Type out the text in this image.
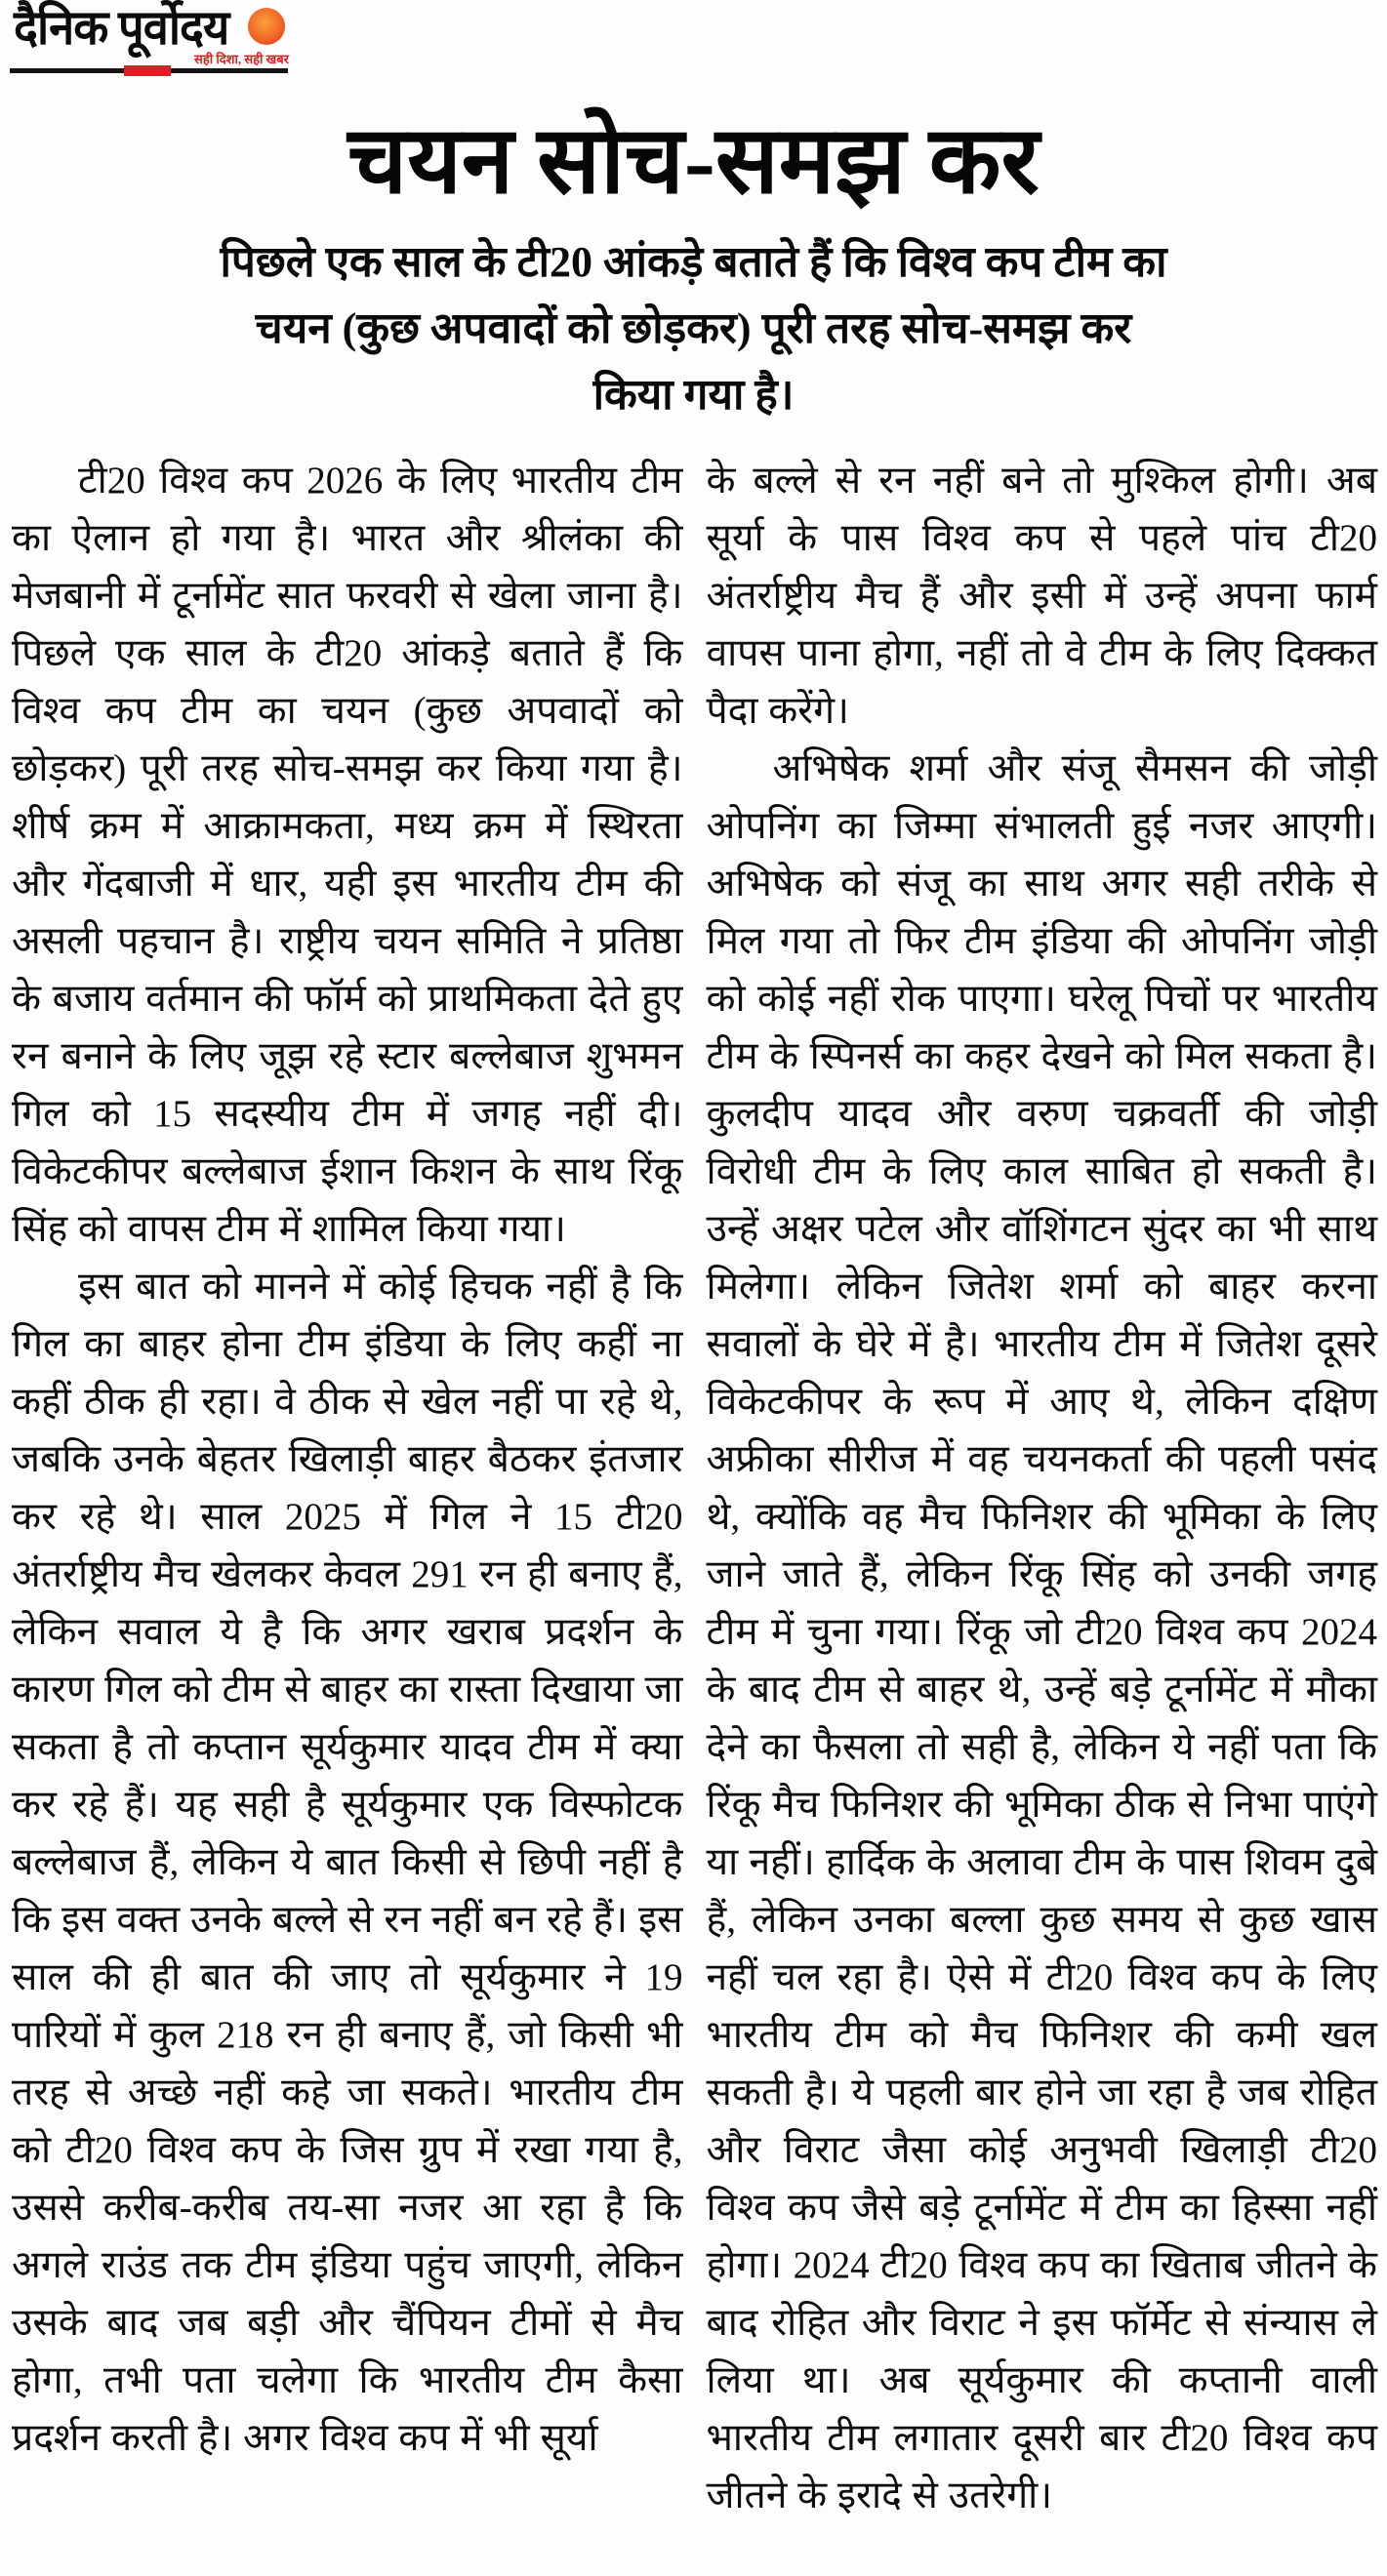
दैनिक पूर्वोदय
सही दिशा, सही खबर
चयन सोच-समझ कर
पिछले एक साल के टी20 आंकड़े बताते हैं कि विश्व कप टीम का
चयन (कुछ अपवादों को छोड़कर) पूरी तरह सोच-समझ कर
किया गया है।

टी20 विश्व कप 2026 के लिए भारतीय टीम का ऐलान हो गया है। भारत और श्रीलंका की मेजबानी में टूर्नामेंट सात फरवरी से खेला जाना है। पिछले एक साल के टी20 आंकड़े बताते हैं कि विश्व कप टीम का चयन (कुछ अपवादों को छोड़कर) पूरी तरह सोच-समझ कर किया गया है। शीर्ष क्रम में आक्रामकता, मध्य क्रम में स्थिरता और गेंदबाजी में धार, यही इस भारतीय टीम की असली पहचान है। राष्ट्रीय चयन समिति ने प्रतिष्ठा के बजाय वर्तमान की फॉर्म को प्राथमिकता देते हुए रन बनाने के लिए जूझ रहे स्टार बल्लेबाज शुभमन गिल को 15 सदस्यीय टीम में जगह नहीं दी। विकेटकीपर बल्लेबाज ईशान किशन के साथ रिंकू सिंह को वापस टीम में शामिल किया गया।

इस बात को मानने में कोई हिचक नहीं है कि गिल का बाहर होना टीम इंडिया के लिए कहीं ना कहीं ठीक ही रहा। वे ठीक से खेल नहीं पा रहे थे, जबकि उनके बेहतर खिलाड़ी बाहर बैठकर इंतजार कर रहे थे। साल 2025 में गिल ने 15 टी20 अंतर्राष्ट्रीय मैच खेलकर केवल 291 रन ही बनाए हैं, लेकिन सवाल ये है कि अगर खराब प्रदर्शन के कारण गिल को टीम से बाहर का रास्ता दिखाया जा सकता है तो कप्तान सूर्यकुमार यादव टीम में क्या कर रहे हैं। यह सही है सूर्यकुमार एक विस्फोटक बल्लेबाज हैं, लेकिन ये बात किसी से छिपी नहीं है कि इस वक्त उनके बल्ले से रन नहीं बन रहे हैं। इस साल की ही बात की जाए तो सूर्यकुमार ने 19 पारियों में कुल 218 रन ही बनाए हैं, जो किसी भी तरह से अच्छे नहीं कहे जा सकते। भारतीय टीम को टी20 विश्व कप के जिस ग्रुप में रखा गया है, उससे करीब-करीब तय-सा नजर आ रहा है कि अगले राउंड तक टीम इंडिया पहुंच जाएगी, लेकिन उसके बाद जब बड़ी और चैंपियन टीमों से मैच होगा, तभी पता चलेगा कि भारतीय टीम कैसा प्रदर्शन करती है। अगर विश्व कप में भी सूर्या

के बल्ले से रन नहीं बने तो मुश्किल होगी। अब सूर्या के पास विश्व कप से पहले पांच टी20 अंतर्राष्ट्रीय मैच हैं और इसी में उन्हें अपना फार्म वापस पाना होगा, नहीं तो वे टीम के लिए दिक्कत पैदा करेंगे।

अभिषेक शर्मा और संजू सैमसन की जोड़ी ओपनिंग का जिम्मा संभालती हुई नजर आएगी। अभिषेक को संजू का साथ अगर सही तरीके से मिल गया तो फिर टीम इंडिया की ओपनिंग जोड़ी को कोई नहीं रोक पाएगा। घरेलू पिचों पर भारतीय टीम के स्पिनर्स का कहर देखने को मिल सकता है। कुलदीप यादव और वरुण चक्रवर्ती की जोड़ी विरोधी टीम के लिए काल साबित हो सकती है। उन्हें अक्षर पटेल और वॉशिंगटन सुंदर का भी साथ मिलेगा। लेकिन जितेश शर्मा को बाहर करना सवालों के घेरे में है। भारतीय टीम में जितेश दूसरे विकेटकीपर के रूप में आए थे, लेकिन दक्षिण अफ्रीका सीरीज में वह चयनकर्ता की पहली पसंद थे, क्योंकि वह मैच फिनिशर की भूमिका के लिए जाने जाते हैं, लेकिन रिंकू सिंह को उनकी जगह टीम में चुना गया। रिंकू जो टी20 विश्व कप 2024 के बाद टीम से बाहर थे, उन्हें बड़े टूर्नामेंट में मौका देने का फैसला तो सही है, लेकिन ये नहीं पता कि रिंकू मैच फिनिशर की भूमिका ठीक से निभा पाएंगे या नहीं। हार्दिक के अलावा टीम के पास शिवम दुबे हैं, लेकिन उनका बल्ला कुछ समय से कुछ खास नहीं चल रहा है। ऐसे में टी20 विश्व कप के लिए भारतीय टीम को मैच फिनिशर की कमी खल सकती है। ये पहली बार होने जा रहा है जब रोहित और विराट जैसा कोई अनुभवी खिलाड़ी टी20 विश्व कप जैसे बड़े टूर्नामेंट में टीम का हिस्सा नहीं होगा। 2024 टी20 विश्व कप का खिताब जीतने के बाद रोहित और विराट ने इस फॉर्मेट से संन्यास ले लिया था। अब सूर्यकुमार की कप्तानी वाली भारतीय टीम लगातार दूसरी बार टी20 विश्व कप जीतने के इरादे से उतरेगी।
